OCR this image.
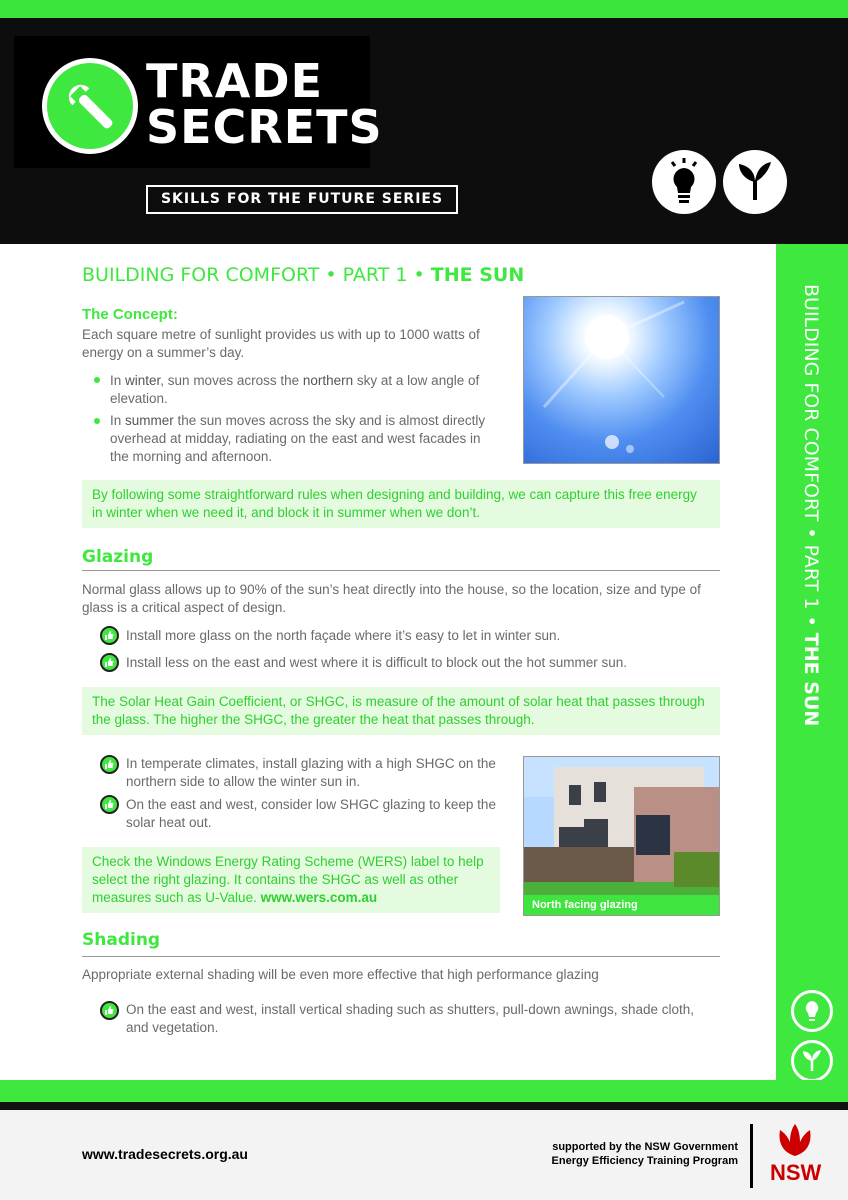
TRADE
SECRETS
SKILLS FOR THE FUTURE SERIES
BUILDING FOR COMFORT • PART 1 • THE SUN
BUILDING FOR COMFORT • PART 1 • THE SUN
The Concept:
Each square metre of sunlight provides us with up to 1000 watts of energy on a summer’s day.
In winter, sun moves across the northern sky at a low angle of elevation.
In summer the sun moves across the sky and is almost directly overhead at midday, radiating on the east and west facades in the morning and afternoon.
By following some straightforward rules when designing and building, we can capture this free energy in winter when we need it, and block it in summer when we don’t.
Glazing
Normal glass allows up to 90% of the sun’s heat directly into the house, so the location, size and type of glass is a critical aspect of design.
Install more glass on the north façade where it’s easy to let in winter sun.
Install less on the east and west where it is difficult to block out the hot summer sun.
The Solar Heat Gain Coefficient, or SHGC, is measure of the amount of solar heat that passes through the glass. The higher the SHGC, the greater the heat that passes through.
In temperate climates, install glazing with a high SHGC on the northern side to allow the winter sun in.
On the east and west, consider low SHGC glazing to keep the solar heat out.
Check the Windows Energy Rating Scheme (WERS) label to help select the right glazing. It contains the SHGC as well as other measures such as U-Value. www.wers.com.au	North facing glazing
Shading
Appropriate external shading will be even more effective that high performance glazing
On the east and west, install vertical shading such as shutters, pull-down awnings, shade cloth, and vegetation.
www.tradesecrets.org.au	supported by the NSW Government
Energy Efficiency Training Program NSW
